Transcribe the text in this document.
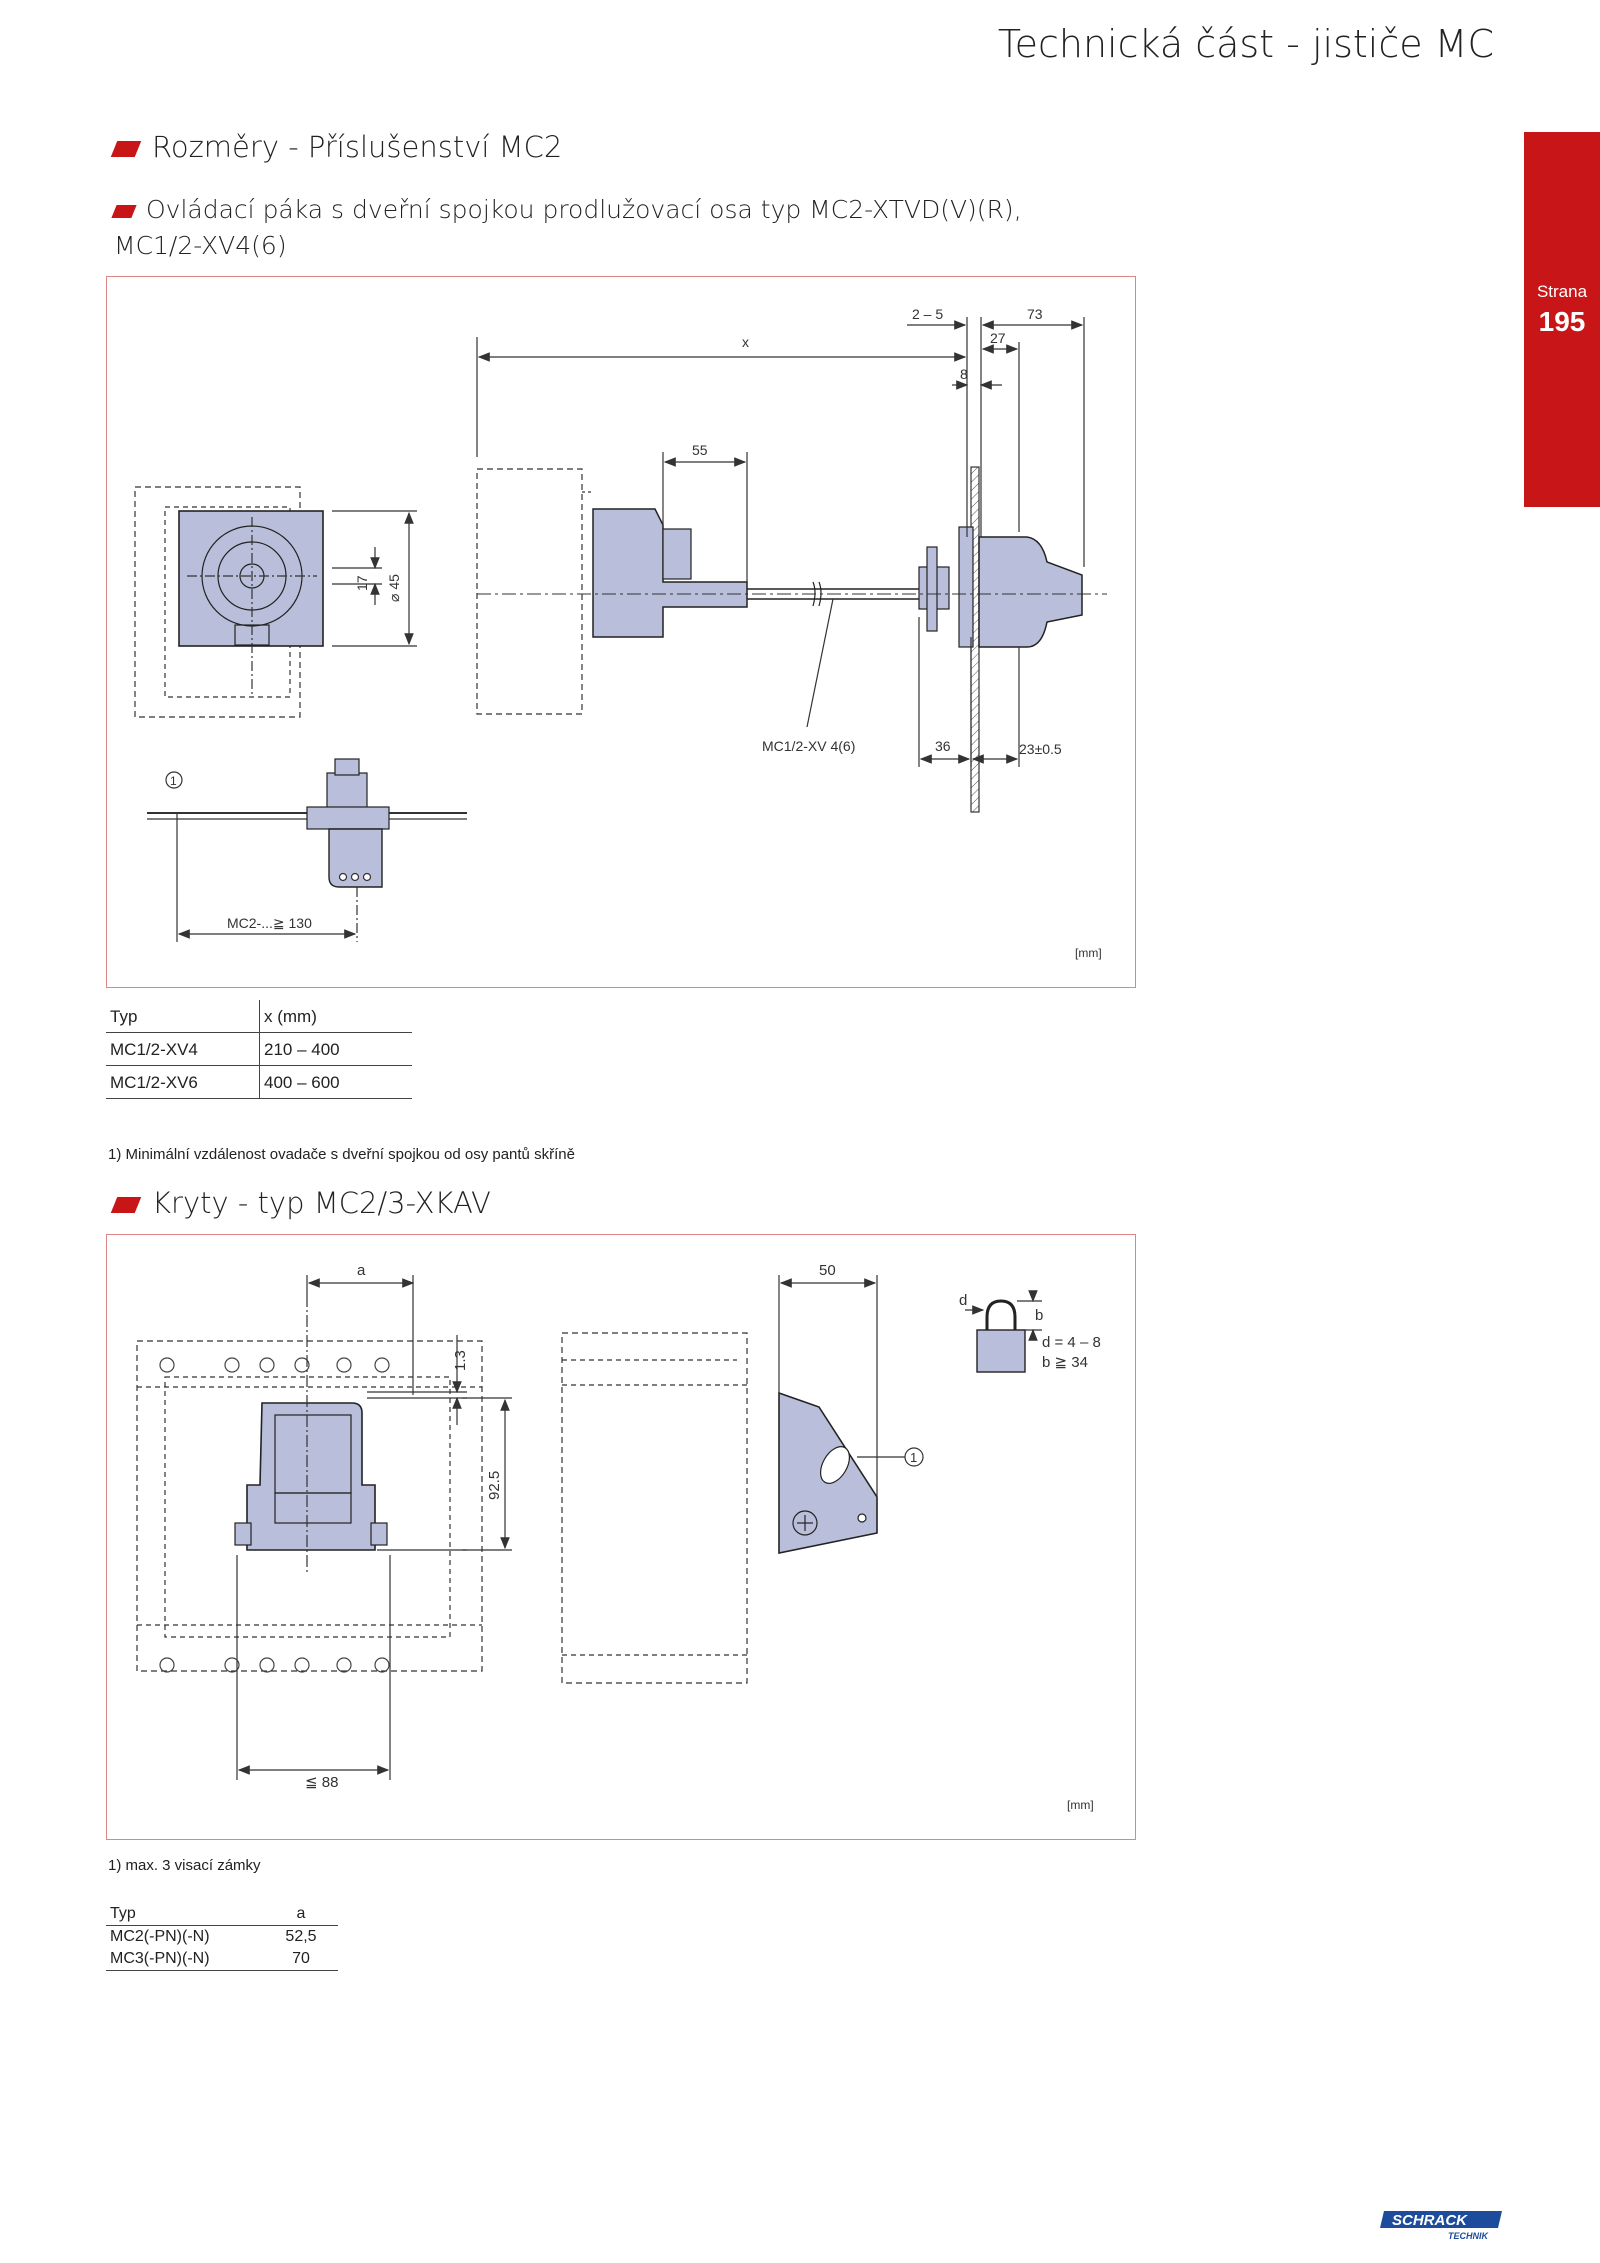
Technická část - jističe MC
Strana
195
Rozměry - Příslušenství MC2
Ovládací páka s dveřní spojkou prodlužovací osa typ MC2-XTVD(V)(R),
MC1/2-XV4(6)
x
2 – 5	73
27
8
55
17 ⌀ 45
36	23±0.5
MC1/2-XV 4(6)
1
MC2-...≧ 130
[mm]
Typ	x (mm)
MC1/2-XV4	210 – 400
MC1/2-XV6	400 – 600
1) Minimální vzdálenost ovadače s dveřní spojkou od osy pantů skříně
Kryty - typ MC2/3-XKAV
a
1.3
92.5
≦ 88
50
d
b
d = 4 – 8
b ≧ 34
1
[mm]
1) max. 3 visací zámky
Typ	a
MC2(-PN)(-N)	52,5
MC3(-PN)(-N)	70
SCHRACK
TECHNIK
